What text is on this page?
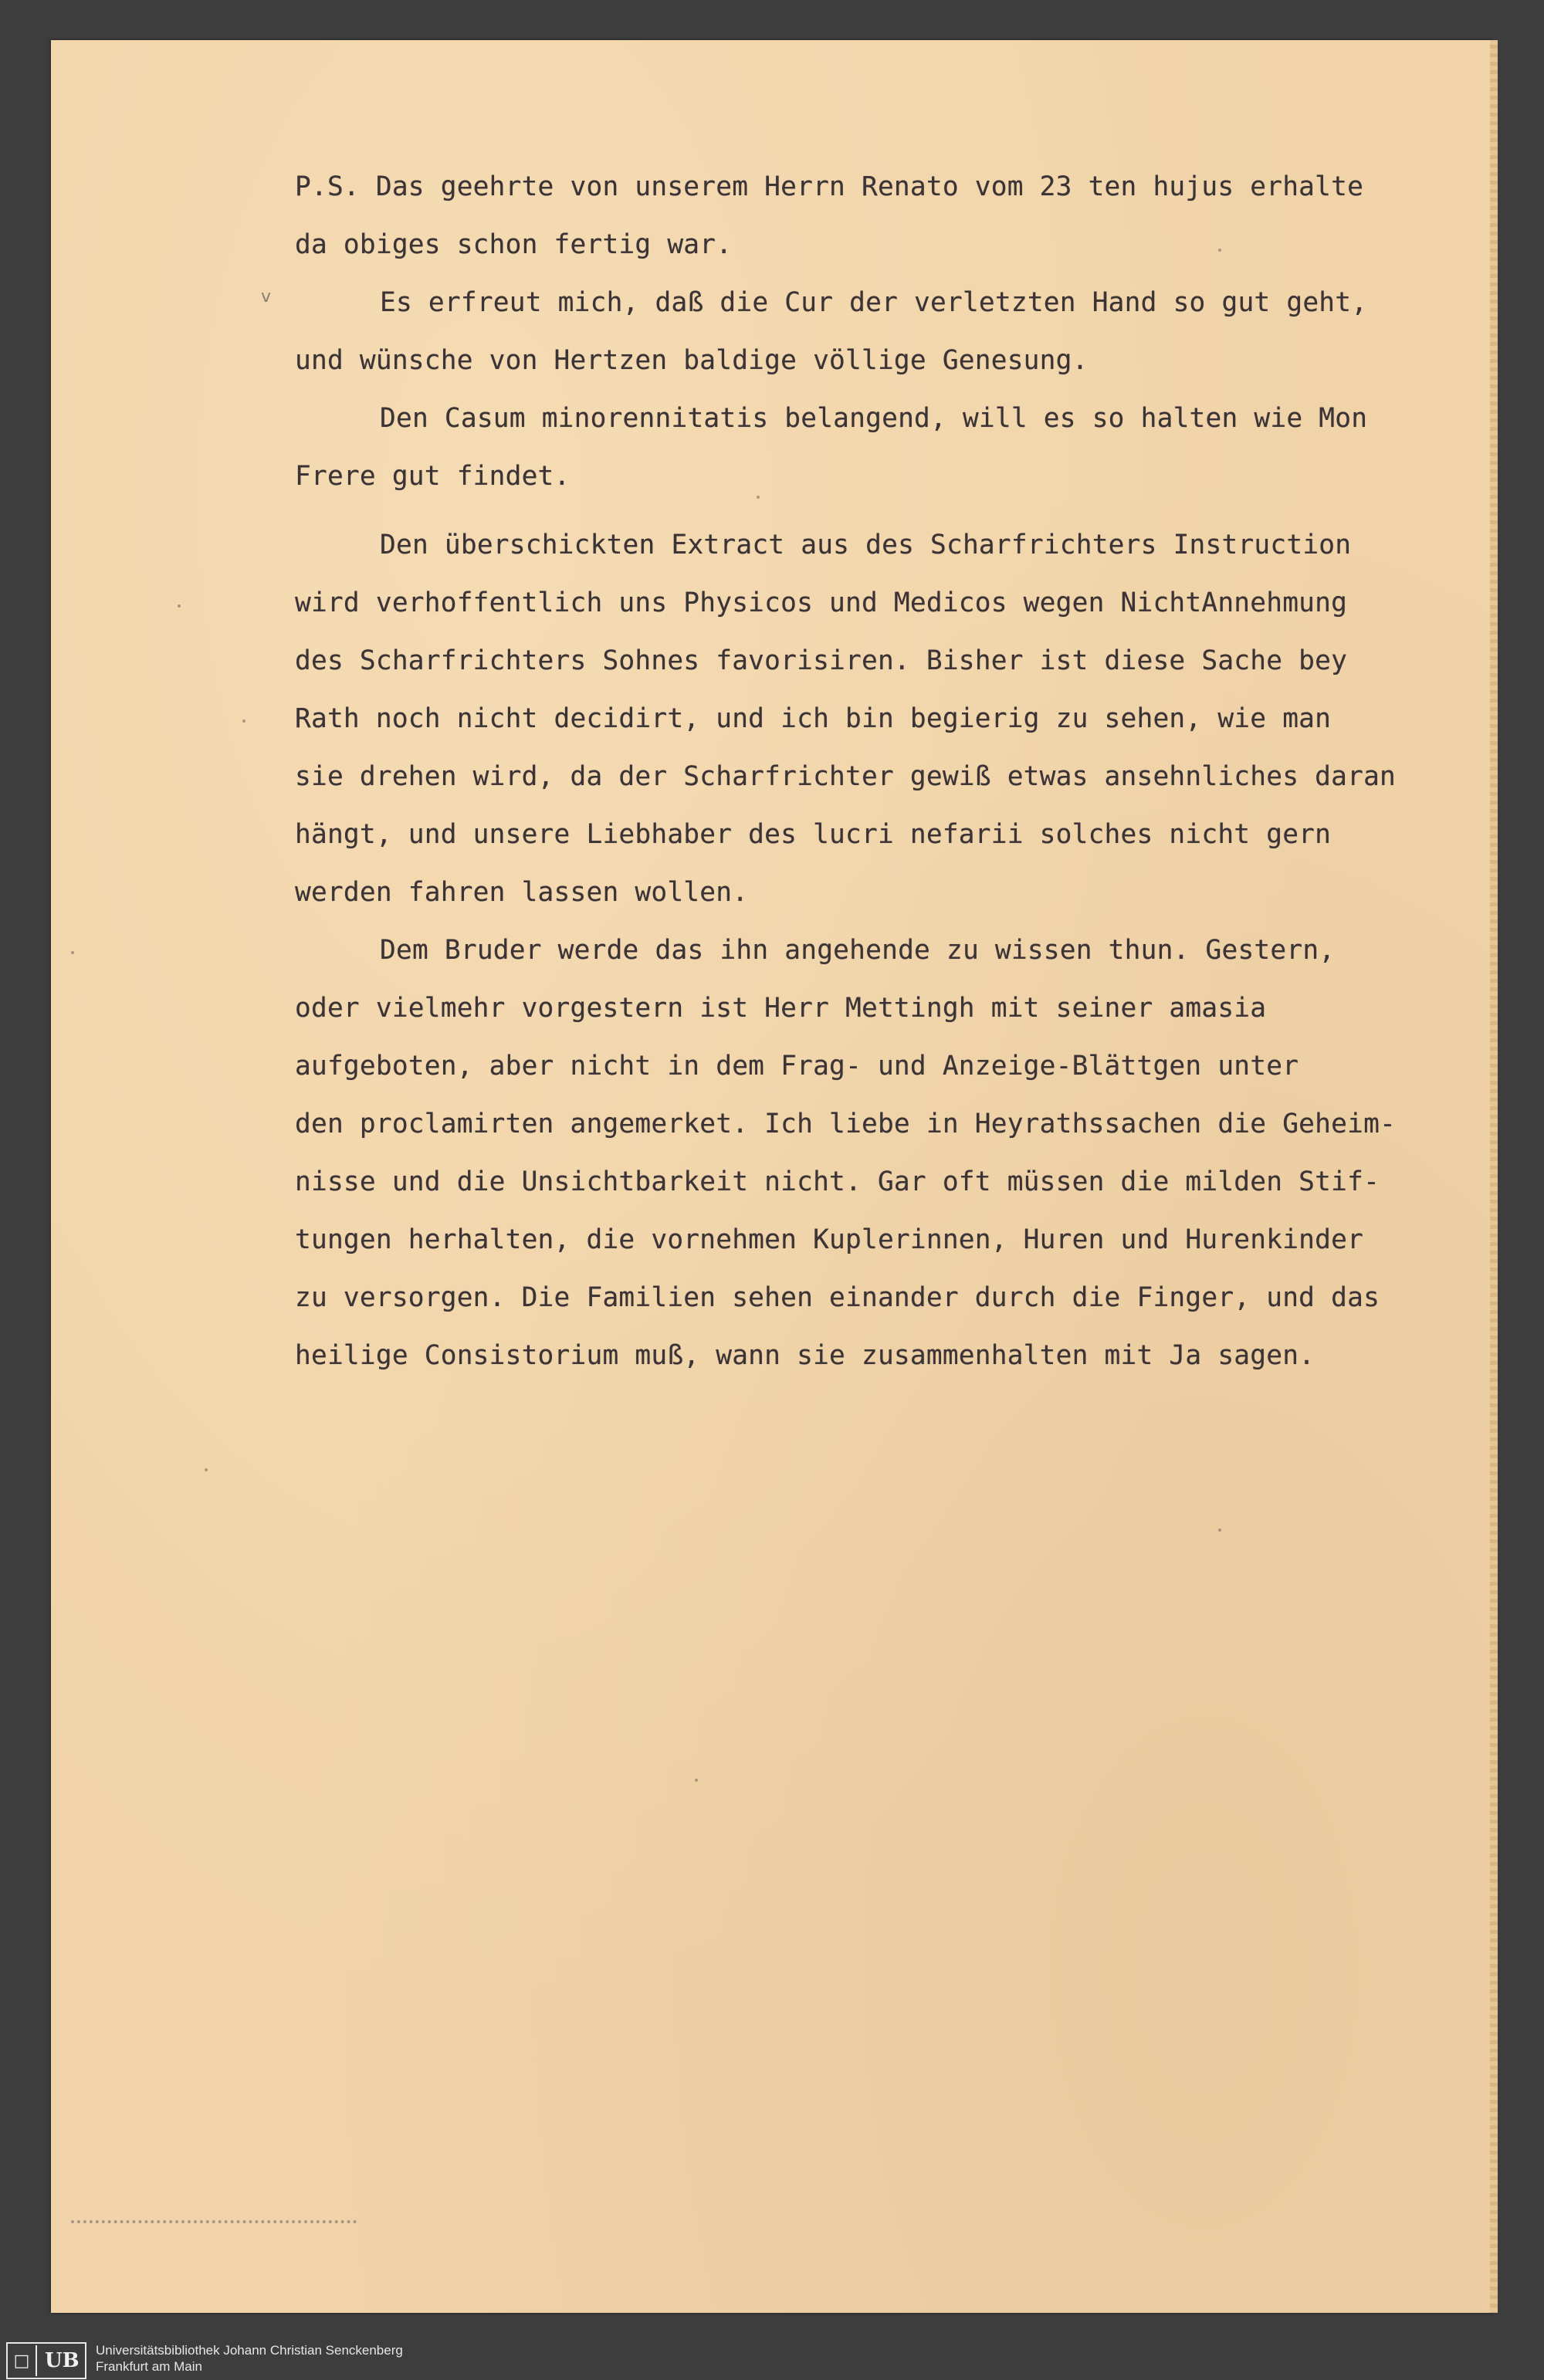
v
P.S. Das geehrte von unserem Herrn Renato vom 23 ten hujus erhalte
da obiges schon fertig war.
Es erfreut mich, daß die Cur der verletzten Hand so gut geht,
und wünsche von Hertzen baldige völlige Genesung.
Den Casum minorennitatis belangend, will es so halten wie Mon
Frere gut findet.
Den überschickten Extract aus des Scharfrichters Instruction
wird verhoffentlich uns Physicos und Medicos wegen NichtAnnehmung
des Scharfrichters Sohnes favorisiren. Bisher ist diese Sache bey
Rath noch nicht decidirt, und ich bin begierig zu sehen, wie man
sie drehen wird, da der Scharfrichter gewiß etwas ansehnliches daran
hängt, und unsere Liebhaber des lucri nefarii solches nicht gern
werden fahren lassen wollen.
Dem Bruder werde das ihn angehende zu wissen thun. Gestern,
oder vielmehr vorgestern ist Herr Mettingh mit seiner amasia
aufgeboten, aber nicht in dem Frag- und Anzeige-Blättgen unter
den proclamirten angemerket. Ich liebe in Heyrathssachen die Geheim-
nisse und die Unsichtbarkeit nicht. Gar oft müssen die milden Stif-
tungen herhalten, die vornehmen Kuplerinnen, Huren und Hurenkinder
zu versorgen. Die Familien sehen einander durch die Finger, und das
heilige Consistorium muß, wann sie zusammenhalten mit Ja sagen.
□ UB Universitätsbibliothek Johann Christian Senckenberg
Frankfurt am Main
